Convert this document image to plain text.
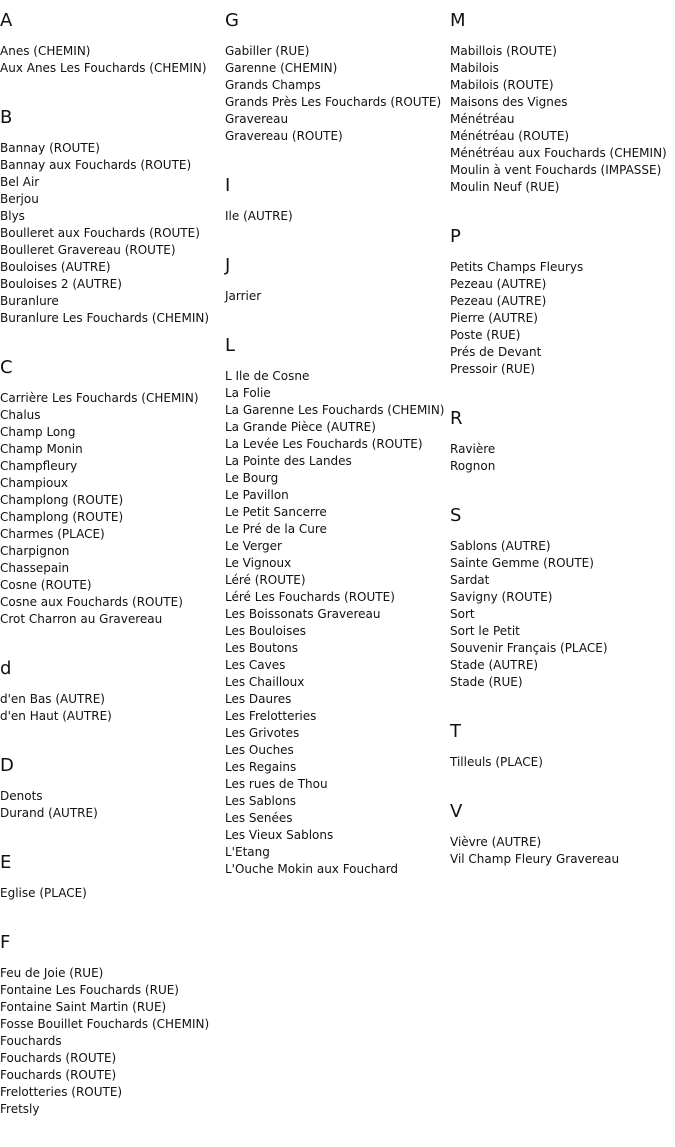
A
Anes (CHEMIN)
Aux Anes Les Fouchards (CHEMIN)
B
Bannay (ROUTE)
Bannay aux Fouchards (ROUTE)
Bel Air
Berjou
Blys
Boulleret aux Fouchards (ROUTE)
Boulleret Gravereau (ROUTE)
Bouloises (AUTRE)
Bouloises 2 (AUTRE)
Buranlure
Buranlure Les Fouchards (CHEMIN)
C
Carrière Les Fouchards (CHEMIN)
Chalus
Champ Long
Champ Monin
Champfleury
Champioux
Champlong (ROUTE)
Champlong (ROUTE)
Charmes (PLACE)
Charpignon
Chassepain
Cosne (ROUTE)
Cosne aux Fouchards (ROUTE)
Crot Charron au Gravereau
d
d'en Bas (AUTRE)
d'en Haut (AUTRE)
D
Denots
Durand (AUTRE)
E
Eglise (PLACE)
F
Feu de Joie (RUE)
Fontaine Les Fouchards (RUE)
Fontaine Saint Martin (RUE)
Fosse Bouillet Fouchards (CHEMIN)
Fouchards
Fouchards (ROUTE)
Fouchards (ROUTE)
Frelotteries (ROUTE)
Fretsly
G
Gabiller (RUE)
Garenne (CHEMIN)
Grands Champs
Grands Près Les Fouchards (ROUTE)
Gravereau
Gravereau (ROUTE)
I
Ile (AUTRE)
J
Jarrier
L
L Ile de Cosne
La Folie
La Garenne Les Fouchards (CHEMIN)
La Grande Pièce (AUTRE)
La Levée Les Fouchards (ROUTE)
La Pointe des Landes
Le Bourg
Le Pavillon
Le Petit Sancerre
Le Pré de la Cure
Le Verger
Le Vignoux
Léré (ROUTE)
Léré Les Fouchards (ROUTE)
Les Boissonats Gravereau
Les Bouloises
Les Boutons
Les Caves
Les Chailloux
Les Daures
Les Frelotteries
Les Grivotes
Les Ouches
Les Regains
Les rues de Thou
Les Sablons
Les Senées
Les Vieux Sablons
L'Etang
L'Ouche Mokin aux Fouchard
M
Mabillois (ROUTE)
Mabilois
Mabilois (ROUTE)
Maisons des Vignes
Ménétréau
Ménétréau (ROUTE)
Ménétréau aux Fouchards (CHEMIN)
Moulin à vent Fouchards (IMPASSE)
Moulin Neuf (RUE)
P
Petits Champs Fleurys
Pezeau (AUTRE)
Pezeau (AUTRE)
Pierre (AUTRE)
Poste (RUE)
Prés de Devant
Pressoir (RUE)
R
Ravière
Rognon
S
Sablons (AUTRE)
Sainte Gemme (ROUTE)
Sardat
Savigny (ROUTE)
Sort
Sort le Petit
Souvenir Français (PLACE)
Stade (AUTRE)
Stade (RUE)
T
Tilleuls (PLACE)
V
Vièvre (AUTRE)
Vil Champ Fleury Gravereau
